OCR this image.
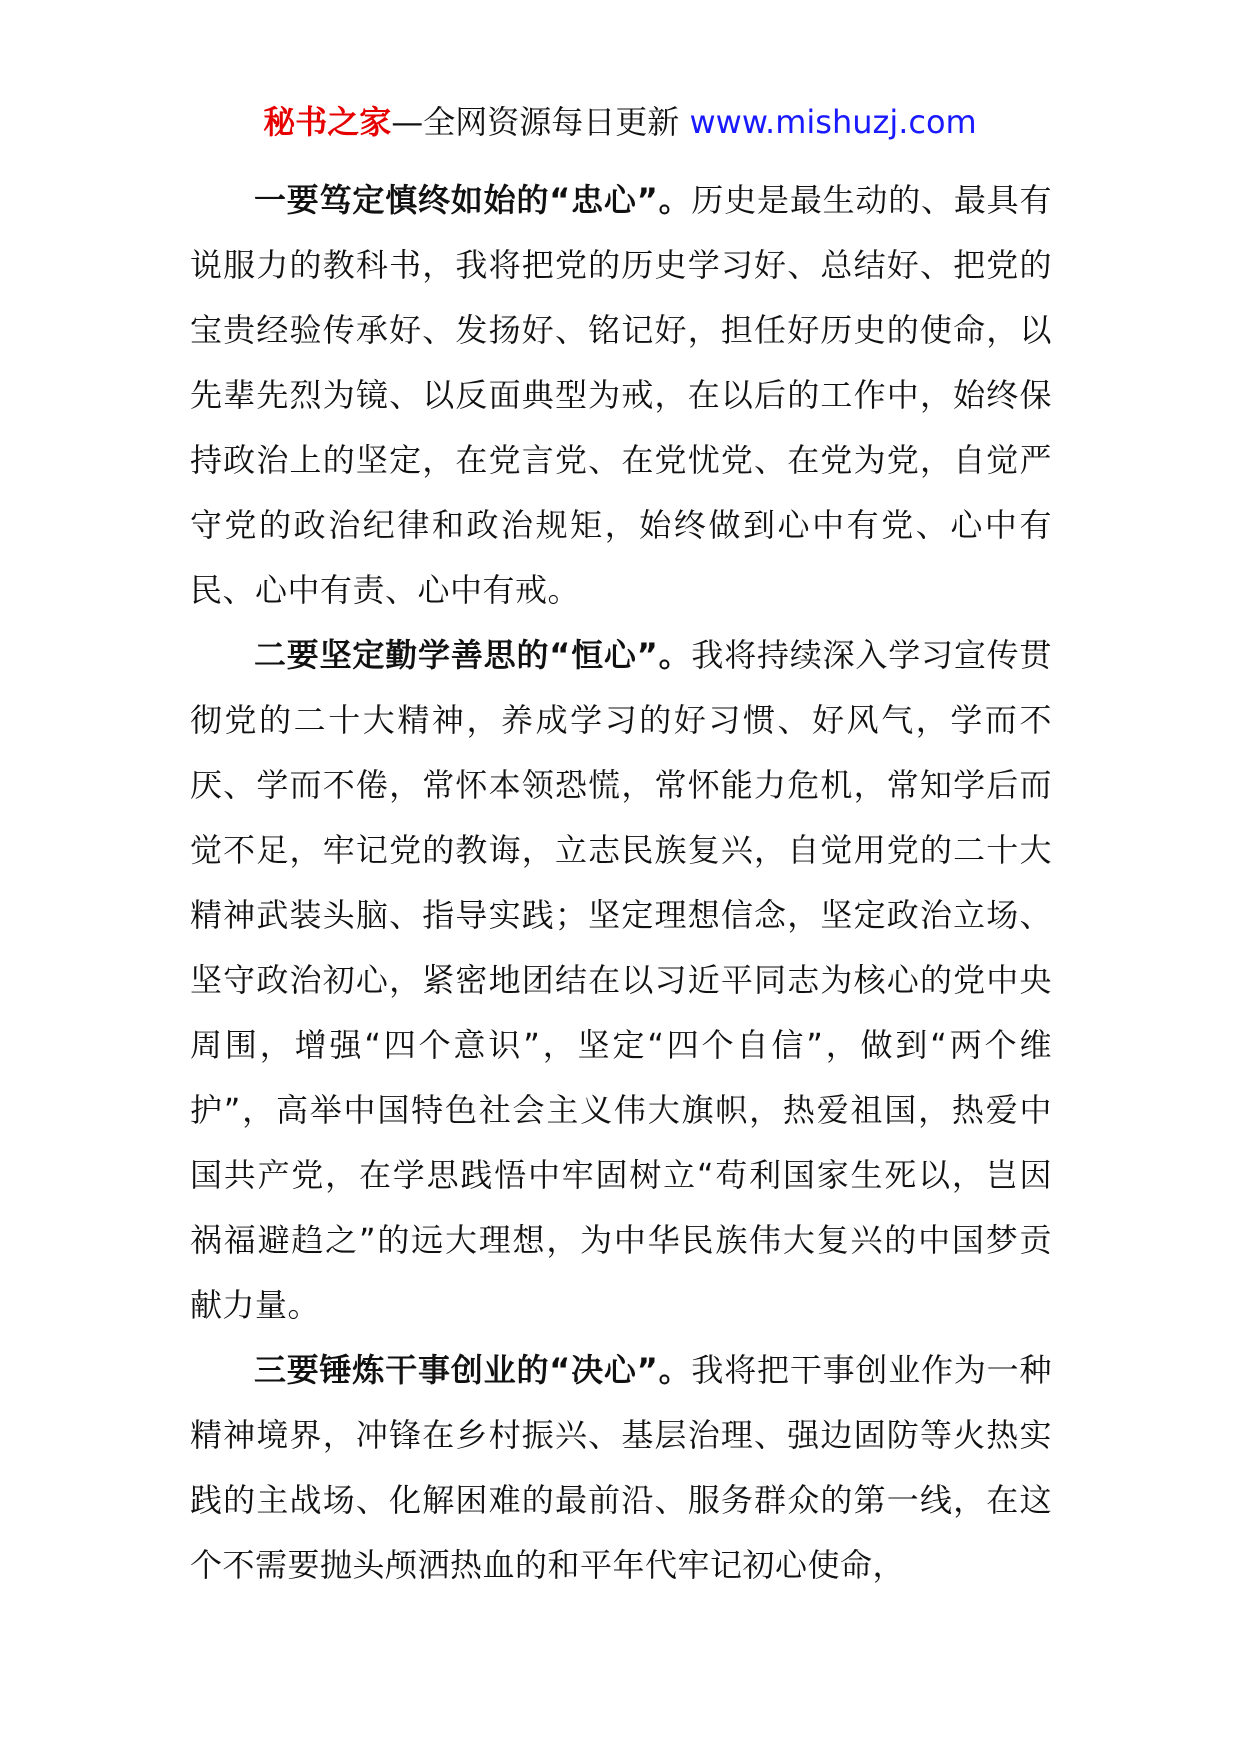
秘书之家—全网资源每日更新 www.mishuzj.com

一要笃定慎终如始的“忠心”。历史是最生动的、最具有说服力的教科书，我将把党的历史学习好、总结好、把党的宝贵经验传承好、发扬好、铭记好，担任好历史的使命，以先辈先烈为镜、以反面典型为戒，在以后的工作中，始终保持政治上的坚定，在党言党、在党忧党、在党为党，自觉严守党的政治纪律和政治规矩，始终做到心中有党、心中有民、心中有责、心中有戒。

二要坚定勤学善思的“恒心”。我将持续深入学习宣传贯彻党的二十大精神，养成学习的好习惯、好风气，学而不厌、学而不倦，常怀本领恐慌，常怀能力危机，常知学后而觉不足，牢记党的教诲，立志民族复兴，自觉用党的二十大精神武装头脑、指导实践；坚定理想信念，坚定政治立场、坚守政治初心，紧密地团结在以习近平同志为核心的党中央周围，增强“四个意识”，坚定“四个自信”，做到“两个维护”，高举中国特色社会主义伟大旗帜，热爱祖国，热爱中国共产党，在学思践悟中牢固树立“苟利国家生死以，岂因祸福避趋之”的远大理想，为中华民族伟大复兴的中国梦贡献力量。

三要锤炼干事创业的“决心”。我将把干事创业作为一种精神境界，冲锋在乡村振兴、基层治理、强边固防等火热实践的主战场、化解困难的最前沿、服务群众的第一线，在这个不需要抛头颅洒热血的和平年代牢记初心使命，
